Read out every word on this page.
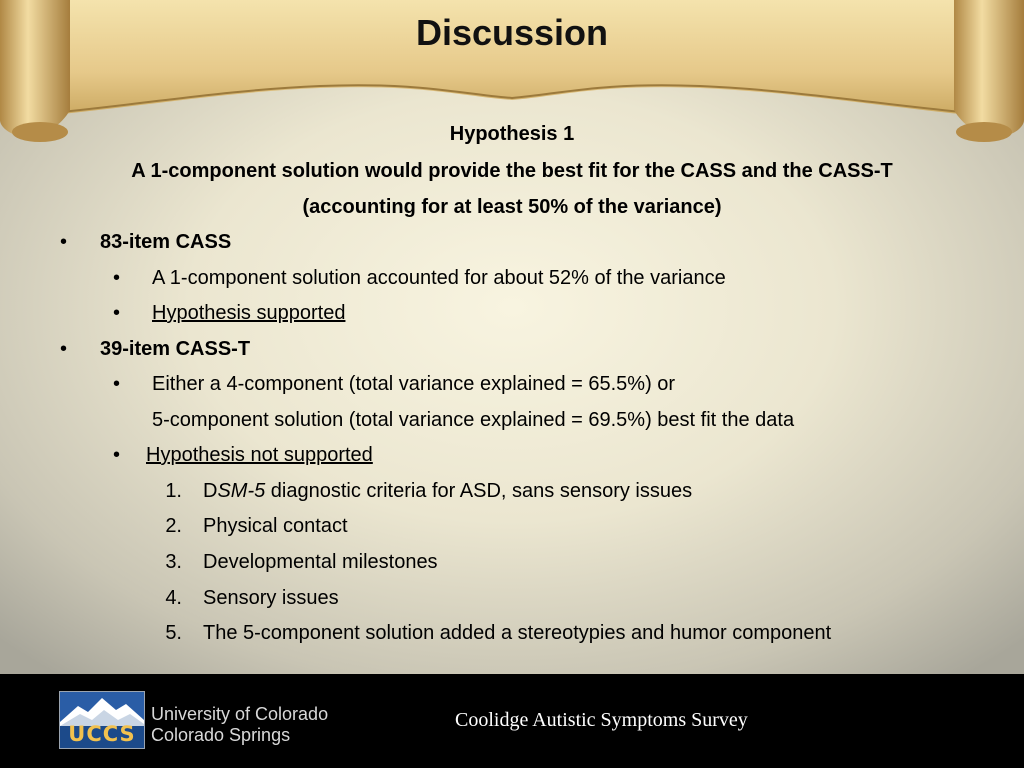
Discussion
Hypothesis 1
A 1-component solution would provide the best fit for the CASS and the CASS-T
(accounting for at least 50% of the variance)
• 83-item CASS
• A 1-component solution accounted for about 52% of the variance
• Hypothesis supported
• 39-item CASS-T
• Either a 4-component (total variance explained = 65.5%) or
5-component solution (total variance explained = 69.5%) best fit the data
• Hypothesis not supported
1. DSM-5 diagnostic criteria for ASD, sans sensory issues
2. Physical contact
3. Developmental milestones
4. Sensory issues
5. The 5-component solution added a stereotypies and humor component
UCCS
University of Colorado
Colorado Springs
Coolidge Autistic Symptoms Survey
